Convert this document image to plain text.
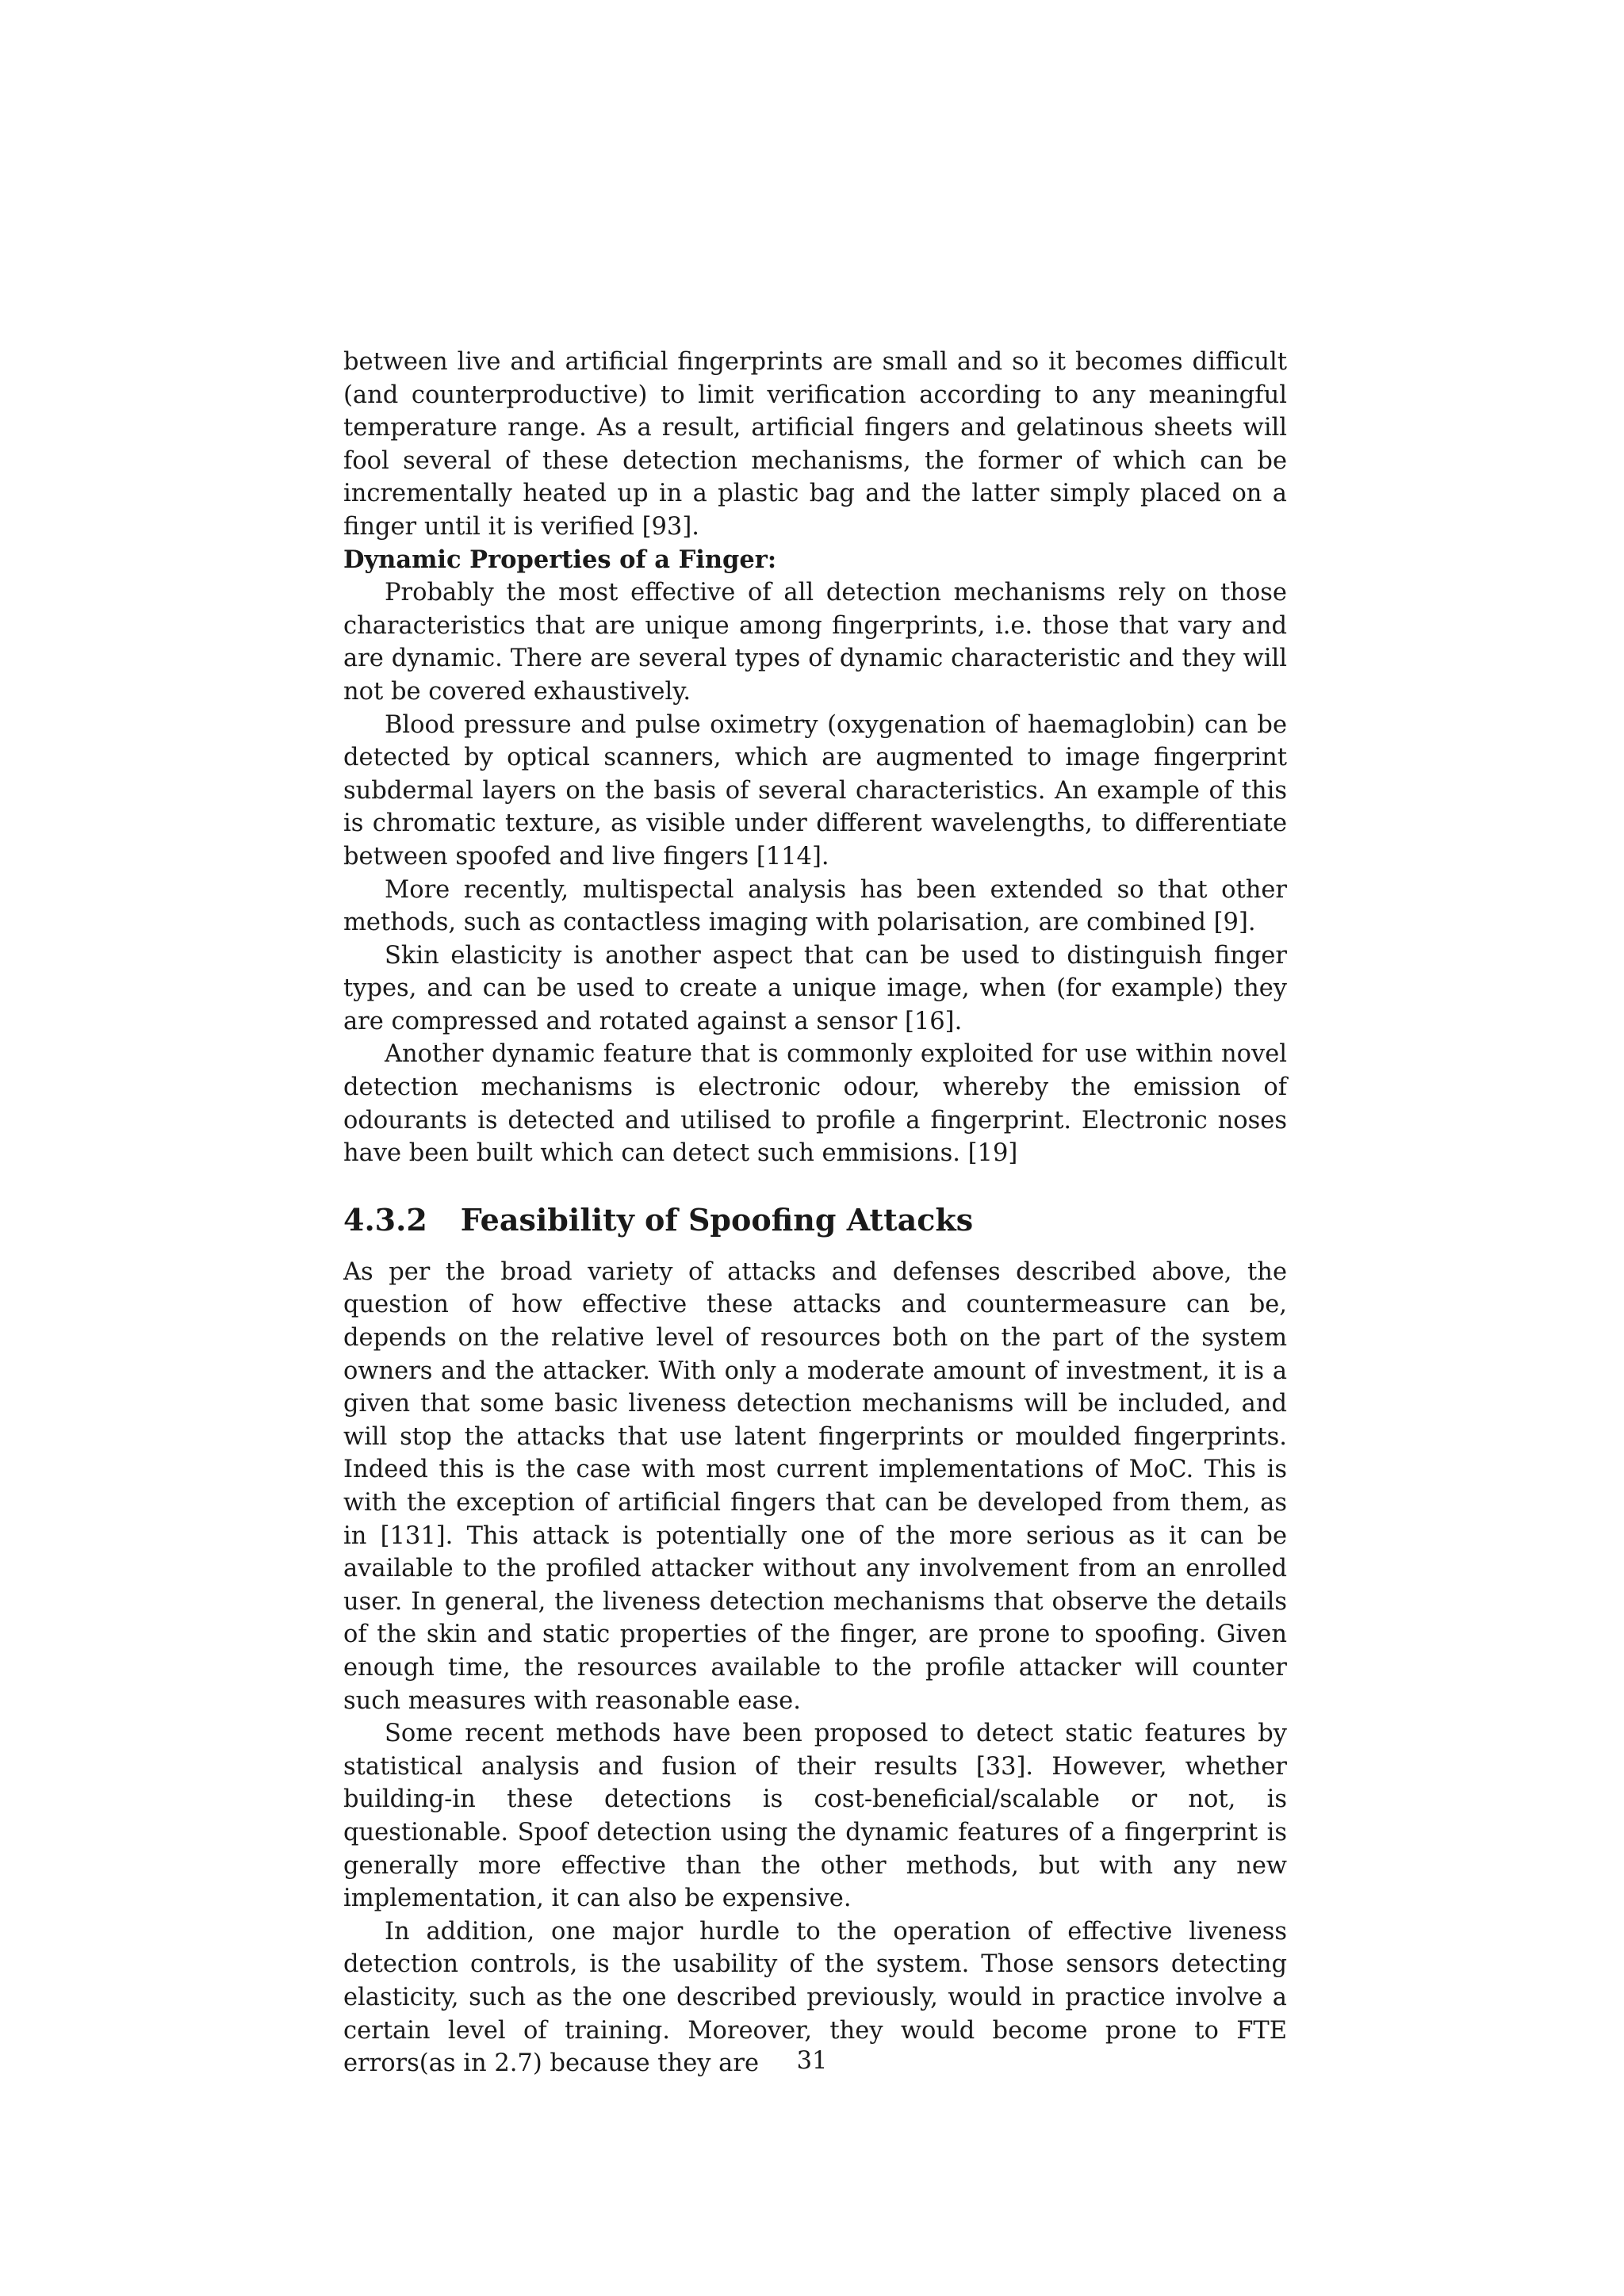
between live and artificial fingerprints are small and so it becomes difficult (and counterproductive) to limit verification according to any meaningful temperature range. As a result, artificial fingers and gelatinous sheets will fool several of these detection mechanisms, the former of which can be incrementally heated up in a plastic bag and the latter simply placed on a finger until it is verified [93].

Dynamic Properties of a Finger:

Probably the most effective of all detection mechanisms rely on those characteristics that are unique among fingerprints, i.e. those that vary and are dynamic. There are several types of dynamic characteristic and they will not be covered exhaustively.

Blood pressure and pulse oximetry (oxygenation of haemaglobin) can be detected by optical scanners, which are augmented to image fingerprint subdermal layers on the basis of several characteristics. An example of this is chromatic texture, as visible under different wavelengths, to differentiate between spoofed and live fingers [114].

More recently, multispectal analysis has been extended so that other methods, such as contactless imaging with polarisation, are combined [9].

Skin elasticity is another aspect that can be used to distinguish finger types, and can be used to create a unique image, when (for example) they are compressed and rotated against a sensor [16].

Another dynamic feature that is commonly exploited for use within novel detection mechanisms is electronic odour, whereby the emission of odourants is detected and utilised to profile a fingerprint. Electronic noses have been built which can detect such emmisions. [19]

4.3.2 Feasibility of Spoofing Attacks

As per the broad variety of attacks and defenses described above, the question of how effective these attacks and countermeasure can be, depends on the relative level of resources both on the part of the system owners and the attacker. With only a moderate amount of investment, it is a given that some basic liveness detection mechanisms will be included, and will stop the attacks that use latent fingerprints or moulded fingerprints. Indeed this is the case with most current implementations of MoC. This is with the exception of artificial fingers that can be developed from them, as in [131]. This attack is potentially one of the more serious as it can be available to the profiled attacker without any involvement from an enrolled user. In general, the liveness detection mechanisms that observe the details of the skin and static properties of the finger, are prone to spoofing. Given enough time, the resources available to the profile attacker will counter such measures with reasonable ease.

Some recent methods have been proposed to detect static features by statistical analysis and fusion of their results [33]. However, whether building-in these detections is cost-beneficial/scalable or not, is questionable. Spoof detection using the dynamic features of a fingerprint is generally more effective than the other methods, but with any new implementation, it can also be expensive.

In addition, one major hurdle to the operation of effective liveness detection controls, is the usability of the system. Those sensors detecting elasticity, such as the one described previously, would in practice involve a certain level of training. Moreover, they would become prone to FTE errors(as in 2.7) because they are	31
